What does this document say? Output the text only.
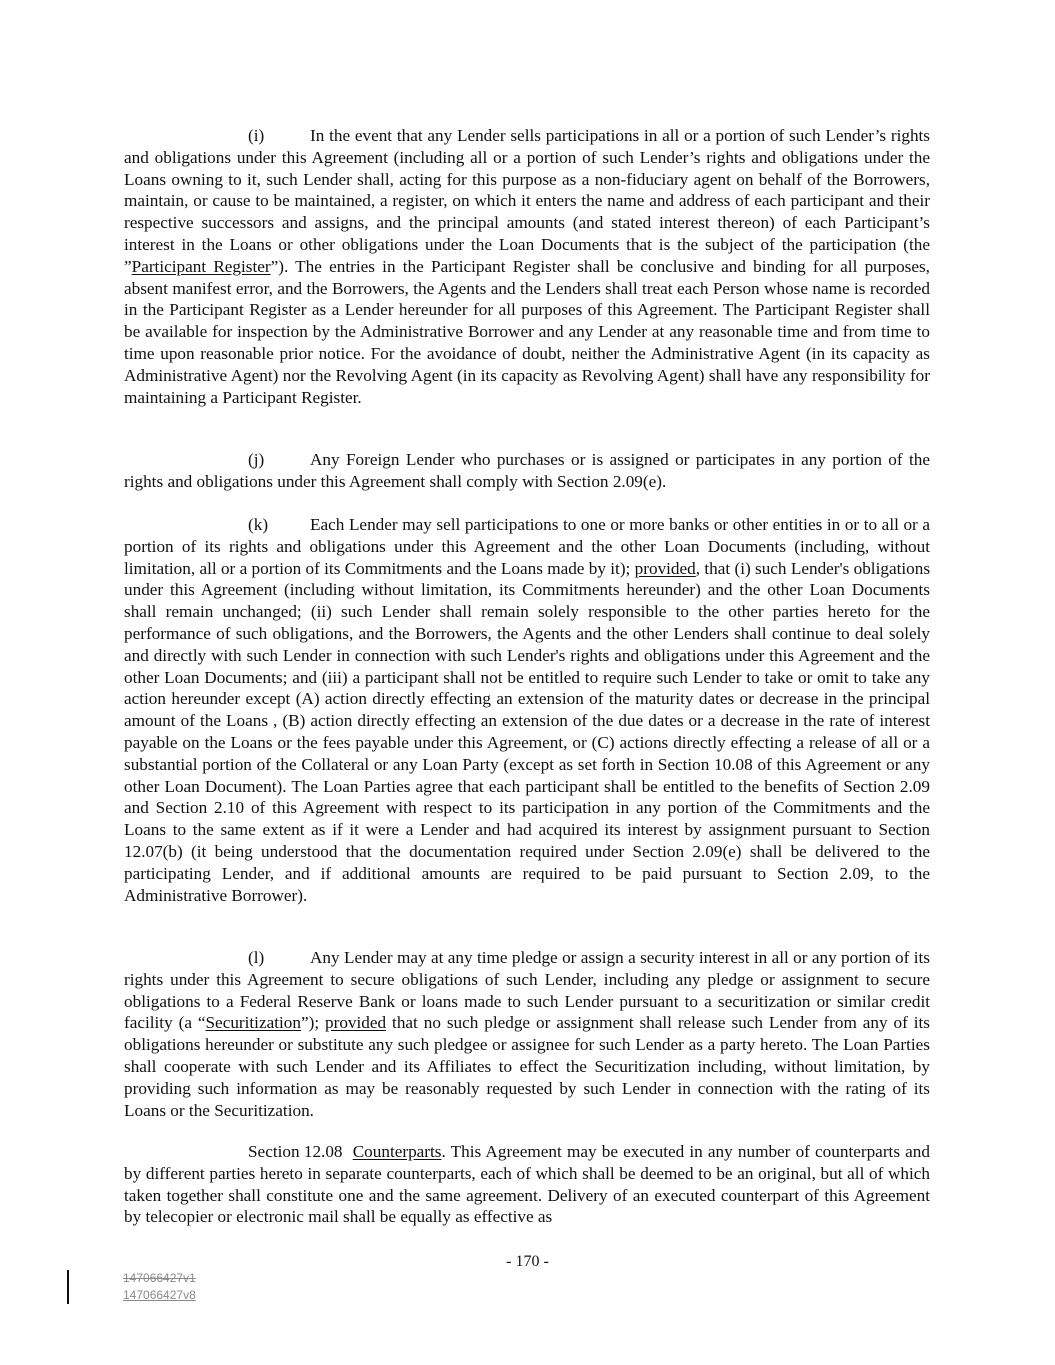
(i)	In the event that any Lender sells participations in all or a portion of such Lender’s rights and obligations under this Agreement (including all or a portion of such Lender’s rights and obligations under the Loans owning to it, such Lender shall, acting for this purpose as a non-fiduciary agent on behalf of the Borrowers, maintain, or cause to be maintained, a register, on which it enters the name and address of each participant and their respective successors and assigns, and the principal amounts (and stated interest thereon) of each Participant’s interest in the Loans or other obligations under the Loan Documents that is the subject of the participation (the ”Participant Register”). The entries in the Participant Register shall be conclusive and binding for all purposes, absent manifest error, and the Borrowers, the Agents and the Lenders shall treat each Person whose name is recorded in the Participant Register as a Lender hereunder for all purposes of this Agreement. The Participant Register shall be available for inspection by the Administrative Borrower and any Lender at any reasonable time and from time to time upon reasonable prior notice. For the avoidance of doubt, neither the Administrative Agent (in its capacity as Administrative Agent) nor the Revolving Agent (in its capacity as Revolving Agent) shall have any responsibility for maintaining a Participant Register.

(j)	Any Foreign Lender who purchases or is assigned or participates in any portion of the rights and obligations under this Agreement shall comply with Section 2.09(e).

(k) Each Lender may sell participations to one or more banks or other entities in or to all or a portion of its rights and obligations under this Agreement and the other Loan Documents (including, without limitation, all or a portion of its Commitments and the Loans made by it); provided, that (i) such Lender's obligations under this Agreement (including without limitation, its Commitments hereunder) and the other Loan Documents shall remain unchanged; (ii) such Lender shall remain solely responsible to the other parties hereto for the performance of such obligations, and the Borrowers, the Agents and the other Lenders shall continue to deal solely and directly with such Lender in connection with such Lender's rights and obligations under this Agreement and the other Loan Documents; and (iii) a participant shall not be entitled to require such Lender to take or omit to take any action hereunder except (A) action directly effecting an extension of the maturity dates or decrease in the principal amount of the Loans , (B) action directly effecting an extension of the due dates or a decrease in the rate of interest payable on the Loans or the fees payable under this Agreement, or (C) actions directly effecting a release of all or a substantial portion of the Collateral or any Loan Party (except as set forth in Section 10.08 of this Agreement or any other Loan Document). The Loan Parties agree that each participant shall be entitled to the benefits of Section 2.09 and Section 2.10 of this Agreement with respect to its participation in any portion of the Commitments and the Loans to the same extent as if it were a Lender and had acquired its interest by assignment pursuant to Section 12.07(b) (it being understood that the documentation required under Section 2.09(e) shall be delivered to the participating Lender, and if additional amounts are required to be paid pursuant to Section 2.09, to the Administrative Borrower).

(l)	Any Lender may at any time pledge or assign a security interest in all or any portion of its rights under this Agreement to secure obligations of such Lender, including any pledge or assignment to secure obligations to a Federal Reserve Bank or loans made to such Lender pursuant to a securitization or similar credit facility (a “Securitization”); provided that no such pledge or assignment shall release such Lender from any of its obligations hereunder or substitute any such pledgee or assignee for such Lender as a party hereto. The Loan Parties shall cooperate with such Lender and its Affiliates to effect the Securitization including, without limitation, by providing such information as may be reasonably requested by such Lender in connection with the rating of its Loans or the Securitization.

Section 12.08 Counterparts. This Agreement may be executed in any number of counterparts and by different parties hereto in separate counterparts, each of which shall be deemed to be an original, but all of which taken together shall constitute one and the same agreement. Delivery of an executed counterpart of this Agreement by telecopier or electronic mail shall be equally as effective as

- 170 -
147066427v1
147066427v8
